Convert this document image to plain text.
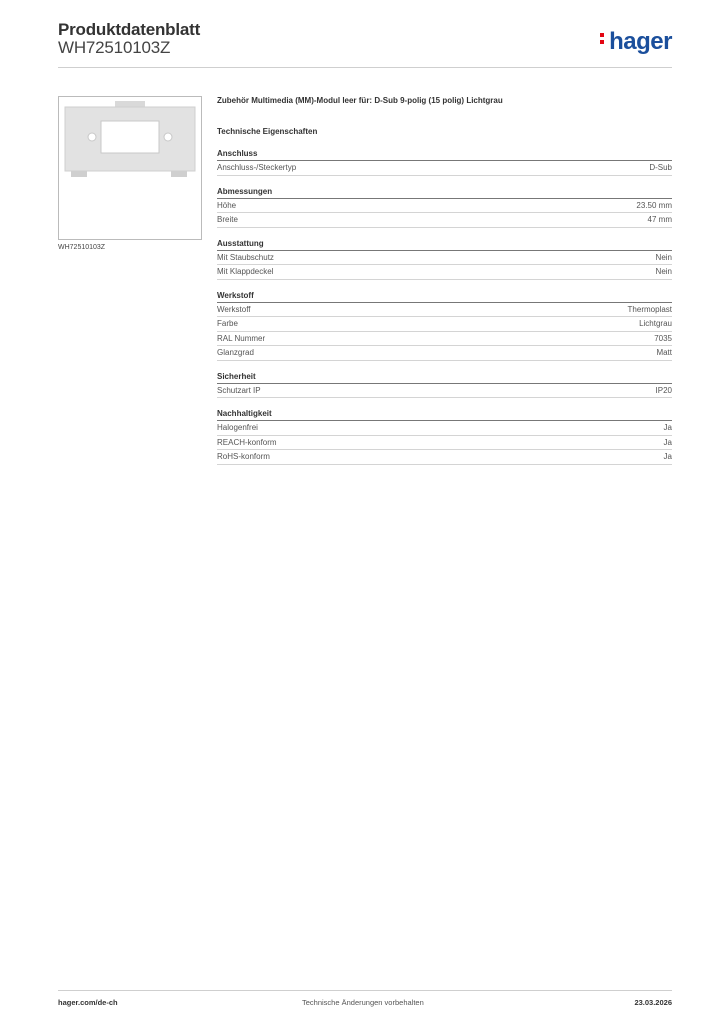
Produktdatenblatt
WH72510103Z	hager
WH72510103Z
Zubehör Multimedia (MM)-Modul leer für: D-Sub 9-polig (15 polig) Lichtgrau
Technische Eigenschaften
Anschluss
Anschluss-/Steckertyp	D-Sub
Abmessungen
Höhe	23.50 mm
Breite	47 mm
Ausstattung
Mit Staubschutz	Nein
Mit Klappdeckel	Nein
Werkstoff
Werkstoff	Thermoplast
Farbe	Lichtgrau
RAL Nummer	7035
Glanzgrad	Matt
Sicherheit
Schutzart IP	IP20
Nachhaltigkeit
Halogenfrei	Ja
REACH-konform	Ja
RoHS-konform	Ja
hager.com/de-ch	Technische Änderungen vorbehalten	23.03.2026
